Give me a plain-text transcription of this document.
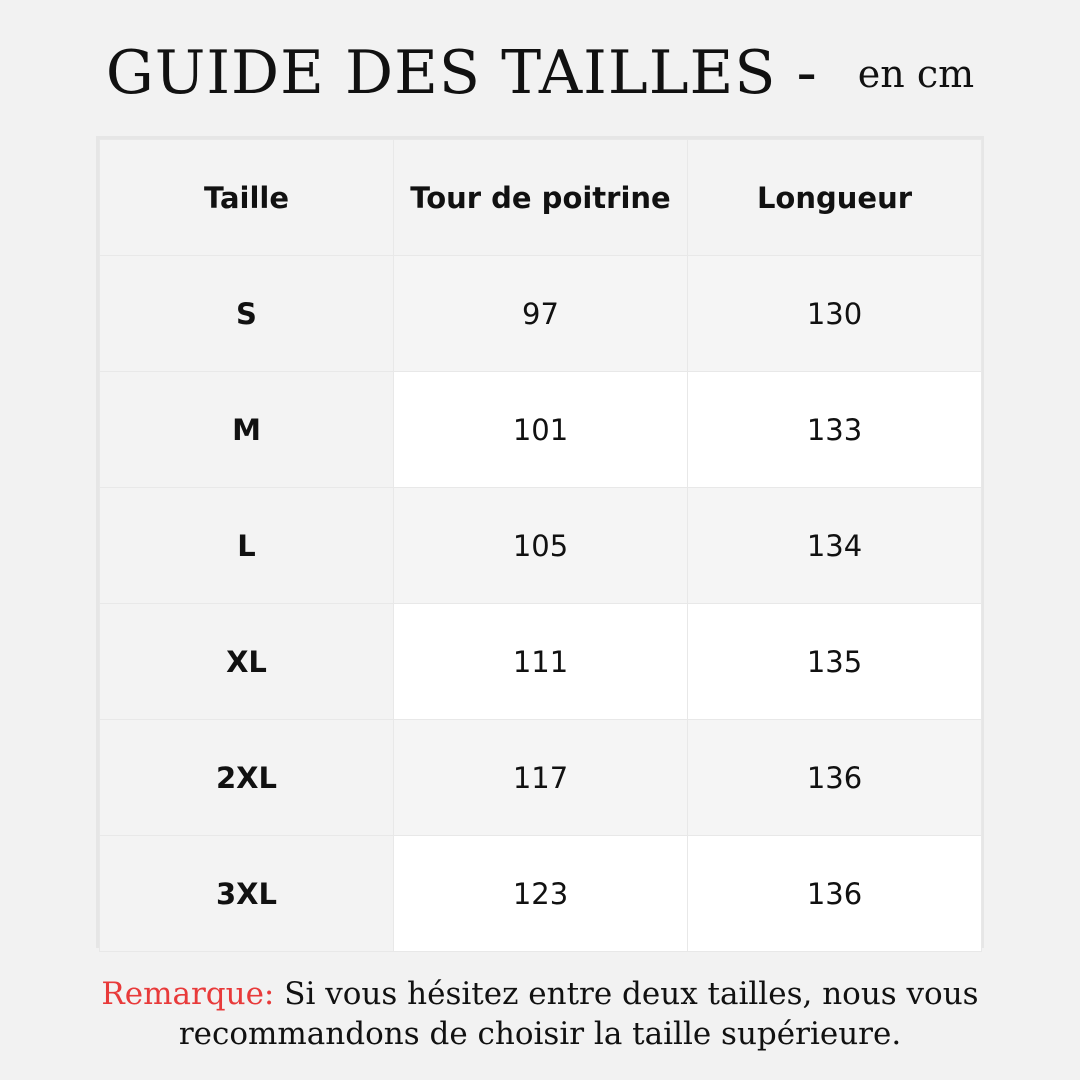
GUIDE DES TAILLES - en cm
Taille	Tour de poitrine	Longueur
S	97	130
M	101	133
L	105	134
XL	111	135
2XL	117	136
3XL	123	136
Remarque: Si vous hésitez entre deux tailles, nous vous
recommandons de choisir la taille supérieure.
